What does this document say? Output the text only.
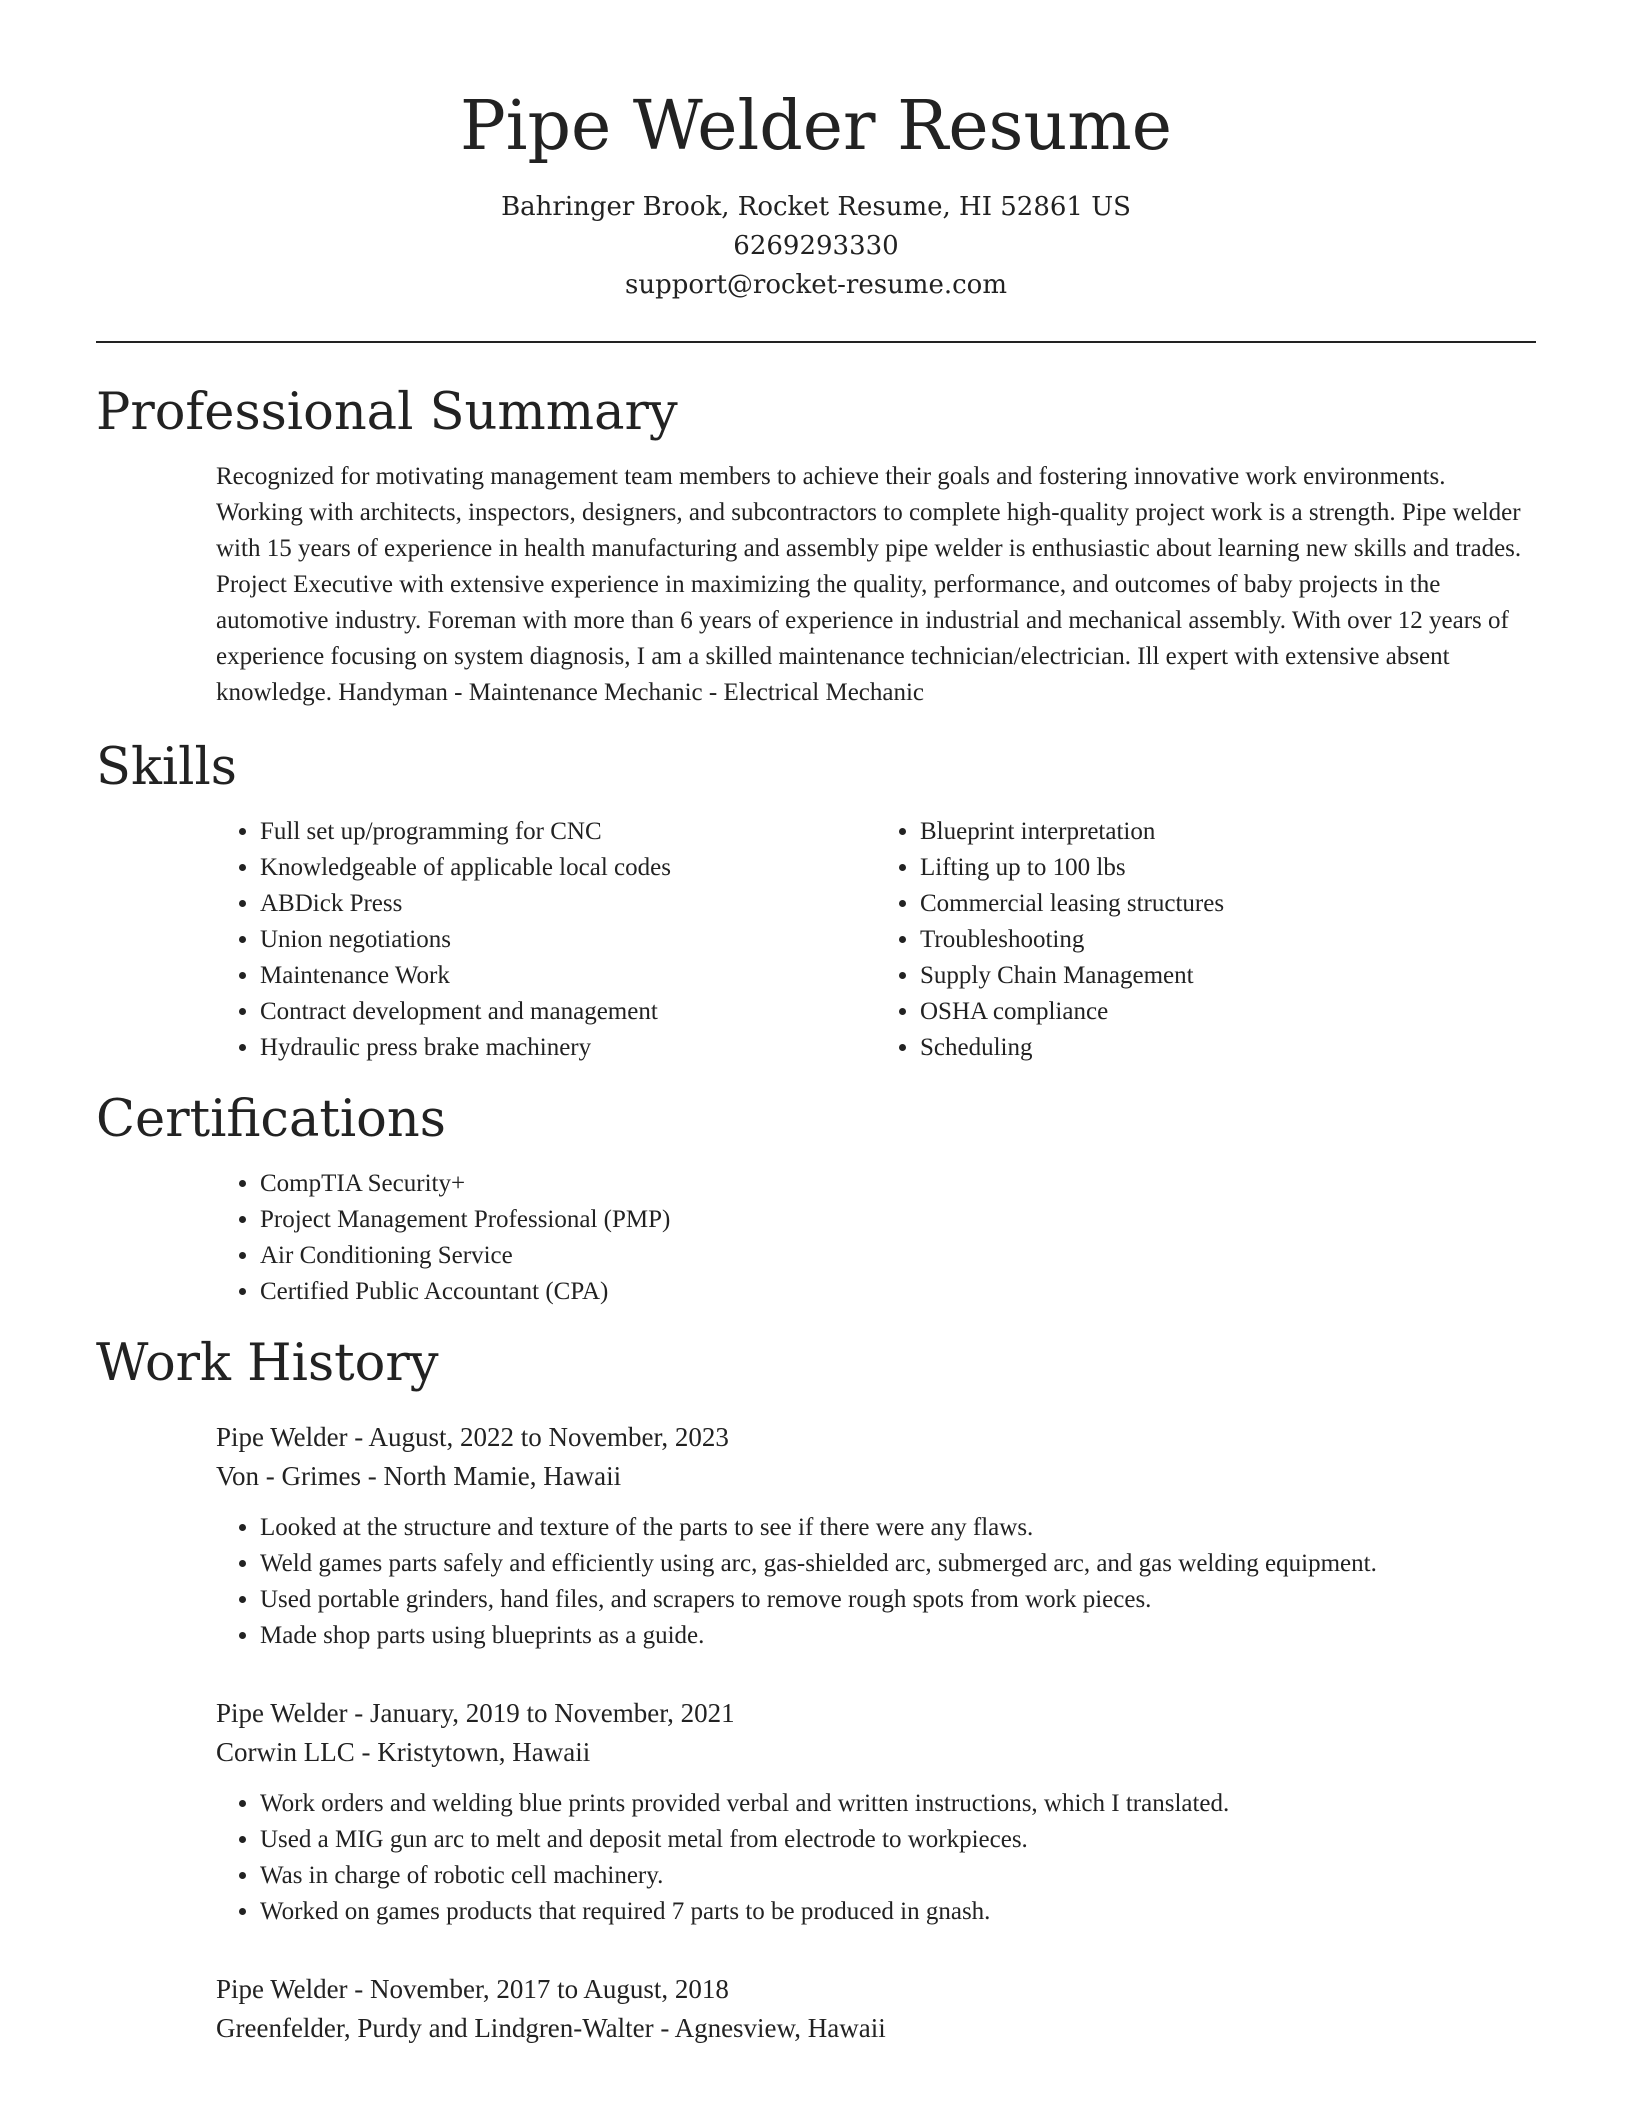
Pipe Welder Resume
Bahringer Brook, Rocket Resume, HI 52861 US
6269293330
support@rocket-resume.com
Professional Summary

Recognized for motivating management team members to achieve their goals and fostering innovative work environments. Working with architects, inspectors, designers, and subcontractors to complete high-quality project work is a strength. Pipe welder with 15 years of experience in health manufacturing and assembly pipe welder is enthusiastic about learning new skills and trades. Project Executive with extensive experience in maximizing the quality, performance, and outcomes of baby projects in the automotive industry. Foreman with more than 6 years of experience in industrial and mechanical assembly. With over 12 years of experience focusing on system diagnosis, I am a skilled maintenance technician/electrician. Ill expert with extensive absent knowledge. Handyman - Maintenance Mechanic - Electrical Mechanic

Skills
• Full set up/programming for CNC
• Knowledgeable of applicable local codes
• ABDick Press
• Union negotiations
• Maintenance Work
• Contract development and management
• Hydraulic press brake machinery
• Blueprint interpretation
• Lifting up to 100 lbs
• Commercial leasing structures
• Troubleshooting
• Supply Chain Management
• OSHA compliance
• Scheduling
Certifications
• CompTIA Security+
• Project Management Professional (PMP)
• Air Conditioning Service
• Certified Public Accountant (CPA)
Work History
Pipe Welder - August, 2022 to November, 2023
Von - Grimes - North Mamie, Hawaii
• Looked at the structure and texture of the parts to see if there were any flaws.
• Weld games parts safely and efficiently using arc, gas-shielded arc, submerged arc, and gas welding equipment.
• Used portable grinders, hand files, and scrapers to remove rough spots from work pieces.
• Made shop parts using blueprints as a guide.
Pipe Welder - January, 2019 to November, 2021
Corwin LLC - Kristytown, Hawaii
• Work orders and welding blue prints provided verbal and written instructions, which I translated.
• Used a MIG gun arc to melt and deposit metal from electrode to workpieces.
• Was in charge of robotic cell machinery.
• Worked on games products that required 7 parts to be produced in gnash.
Pipe Welder - November, 2017 to August, 2018
Greenfelder, Purdy and Lindgren-Walter - Agnesview, Hawaii
